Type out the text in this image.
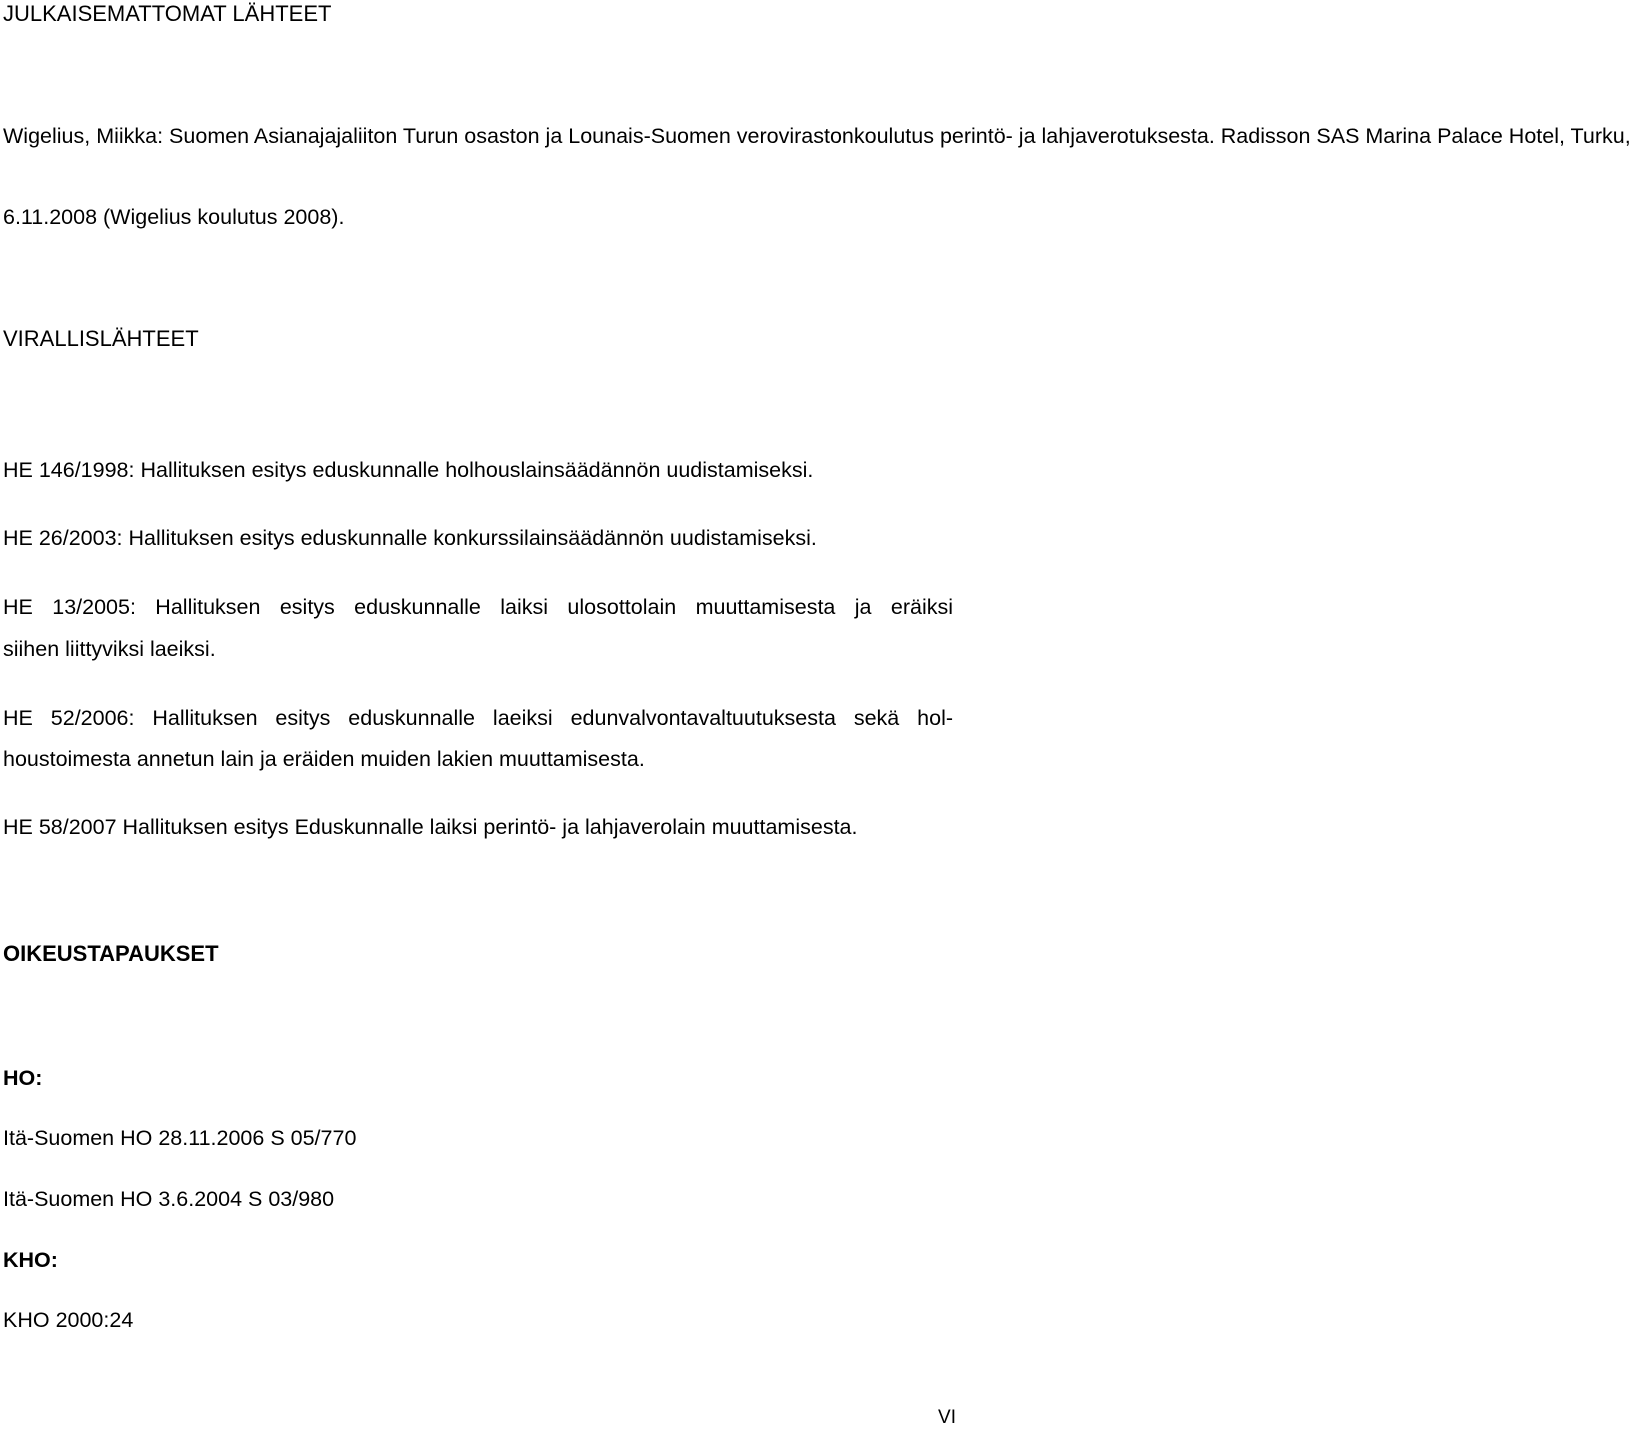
JULKAISEMATTOMAT LÄHTEET
Wigelius, Miikka: Suomen Asianajajaliiton Turun osaston ja Lounais-Suomen verovirastonkoulutus perintö- ja lahjaverotuksesta. Radisson SAS Marina Palace Hotel, Turku,
6.11.2008 (Wigelius koulutus 2008).
VIRALLISLÄHTEET
HE 146/1998: Hallituksen esitys eduskunnalle holhouslainsäädännön uudistamiseksi.
HE 26/2003: Hallituksen esitys eduskunnalle konkurssilainsäädännön uudistamiseksi.
HE 13/2005: Hallituksen esitys eduskunnalle laiksi ulosottolain muuttamisesta ja eräiksi
siihen liittyviksi laeiksi.
HE 52/2006: Hallituksen esitys eduskunnalle laeiksi edunvalvontavaltuutuksesta sekä hol-
houstoimesta annetun lain ja eräiden muiden lakien muuttamisesta.
HE 58/2007 Hallituksen esitys Eduskunnalle laiksi perintö- ja lahjaverolain muuttamisesta.
OIKEUSTAPAUKSET
HO:
Itä-Suomen HO 28.11.2006 S 05/770
Itä-Suomen HO 3.6.2004 S 03/980
KHO:
KHO 2000:24
VI
